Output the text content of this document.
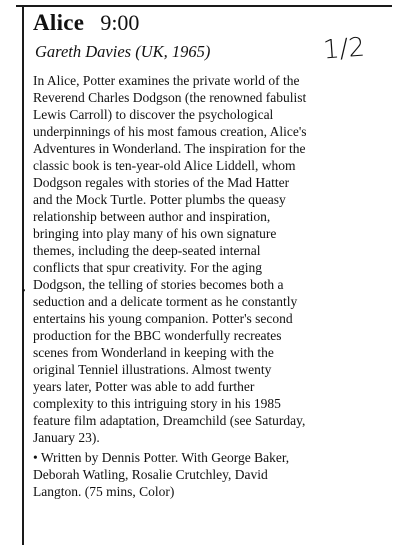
•
Alice 9:00
Gareth Davies (UK, 1965)	1/2
In Alice, Potter examines the private world of the
Reverend Charles Dodgson (the renowned fabulist
Lewis Carroll) to discover the psychological
underpinnings of his most famous creation, Alice's
Adventures in Wonderland. The inspiration for the
classic book is ten-year-old Alice Liddell, whom
Dodgson regales with stories of the Mad Hatter
and the Mock Turtle. Potter plumbs the queasy
relationship between author and inspiration,
bringing into play many of his own signature
themes, including the deep-seated internal
conflicts that spur creativity. For the aging
Dodgson, the telling of stories becomes both a
seduction and a delicate torment as he constantly
entertains his young companion. Potter's second
production for the BBC wonderfully recreates
scenes from Wonderland in keeping with the
original Tenniel illustrations. Almost twenty
years later, Potter was able to add further
complexity to this intriguing story in his 1985
feature film adaptation, Dreamchild (see Saturday,
January 23).
• Written by Dennis Potter. With George Baker,
Deborah Watling, Rosalie Crutchley, David
Langton. (75 mins, Color)
